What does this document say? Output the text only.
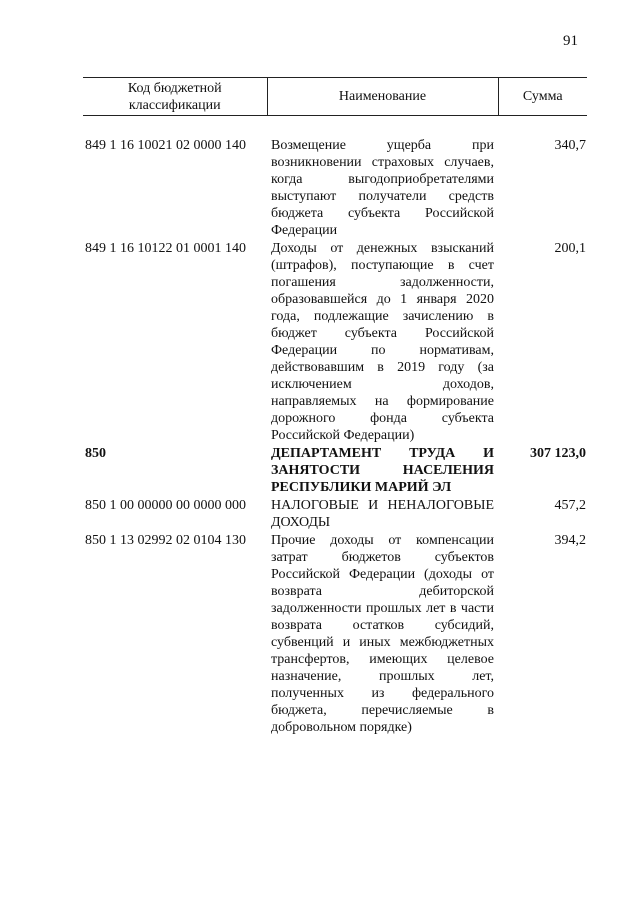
91
Код бюджетной классификации	Наименование	Сумма

849 1 16 10021 02 0000 140	Возмещение ущерба при возникновении страховых случаев, когда выгодоприобретателями выступают получатели средств бюджета субъекта Российской Федерации	340,7
849 1 16 10122 01 0001 140	Доходы от денежных взысканий (штрафов), поступающие в счет погашения задолженности, образовавшейся до 1 января 2020 года, подлежащие зачислению в бюджет субъекта Российской Федерации по нормативам, действовавшим в 2019 году (за исключением доходов, направляемых на формирование дорожного фонда субъекта Российской Федерации)	200,1
850	ДЕПАРТАМЕНТ ТРУДА И ЗАНЯТОСТИ НАСЕЛЕНИЯ РЕСПУБЛИКИ МАРИЙ ЭЛ	307 123,0
850 1 00 00000 00 0000 000	НАЛОГОВЫЕ И НЕНАЛОГОВЫЕ ДОХОДЫ	457,2
850 1 13 02992 02 0104 130	Прочие доходы от компенсации затрат бюджетов субъектов Российской Федерации (доходы от возврата дебиторской задолженности прошлых лет в части возврата остатков субсидий, субвенций и иных межбюджетных трансфертов, имеющих целевое назначение, прошлых лет, полученных из федерального бюджета, перечисляемые в добровольном порядке)	394,2
